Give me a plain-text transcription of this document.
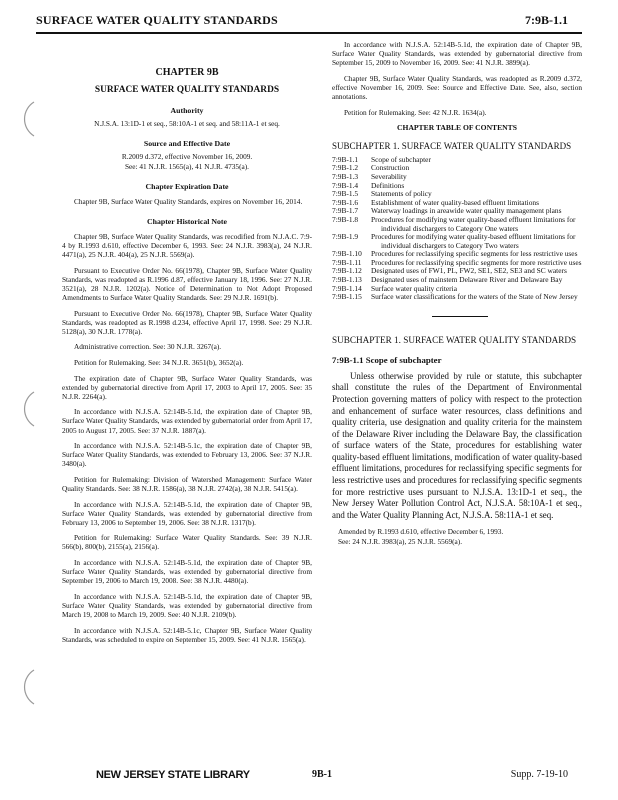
SURFACE WATER QUALITY STANDARDS	7:9B-1.1
CHAPTER 9B
SURFACE WATER QUALITY STANDARDS
Authority
N.J.S.A. 13:1D-1 et seq., 58:10A-1 et seq. and 58:11A-1 et seq.
Source and Effective Date
R.2009 d.372, effective November 16, 2009.
See: 41 N.J.R. 1565(a), 41 N.J.R. 4735(a).
Chapter Expiration Date

Chapter 9B, Surface Water Quality Standards, expires on November 16, 2014.

Chapter Historical Note

Chapter 9B, Surface Water Quality Standards, was recodified from N.J.A.C. 7:9-4 by R.1993 d.610, effective December 6, 1993. See: 24 N.J.R. 3983(a), 24 N.J.R. 4471(a), 25 N.J.R. 404(a), 25 N.J.R. 5569(a).

Pursuant to Executive Order No. 66(1978), Chapter 9B, Surface Water Quality Standards, was readopted as R.1996 d.87, effective January 18, 1996. See: 27 N.J.R. 3521(a), 28 N.J.R. 1202(a). Notice of Determination to Not Adopt Proposed Amendments to Surface Water Quality Standards. See: 29 N.J.R. 1691(b).

Pursuant to Executive Order No. 66(1978), Chapter 9B, Surface Water Quality Standards, was readopted as R.1998 d.234, effective April 17, 1998. See: 29 N.J.R. 5128(a), 30 N.J.R. 1778(a).

Administrative correction. See: 30 N.J.R. 3267(a).

Petition for Rulemaking. See: 34 N.J.R. 3651(b), 3652(a).

The expiration date of Chapter 9B, Surface Water Quality Standards, was extended by gubernatorial directive from April 17, 2003 to April 17, 2005. See: 35 N.J.R. 2264(a).

In accordance with N.J.S.A. 52:14B-5.1d, the expiration date of Chapter 9B, Surface Water Quality Standards, was extended by gubernatorial order from April 17, 2005 to August 17, 2005. See: 37 N.J.R. 1887(a).

In accordance with N.J.S.A. 52:14B-5.1c, the expiration date of Chapter 9B, Surface Water Quality Standards, was extended to February 13, 2006. See: 37 N.J.R. 3480(a).

Petition for Rulemaking: Division of Watershed Management: Surface Water Quality Standards. See: 38 N.J.R. 1586(a), 38 N.J.R. 2742(a), 38 N.J.R. 5415(a).

In accordance with N.J.S.A. 52:14B-5.1d, the expiration date of Chapter 9B, Surface Water Quality Standards, was extended by gubernatorial directive from February 13, 2006 to September 19, 2006. See: 38 N.J.R. 1317(b).

Petition for Rulemaking: Surface Water Quality Standards. See: 39 N.J.R. 566(b), 800(b), 2155(a), 2156(a).

In accordance with N.J.S.A. 52:14B-5.1d, the expiration date of Chapter 9B, Surface Water Quality Standards, was extended by gubernatorial directive from September 19, 2006 to March 19, 2008. See: 38 N.J.R. 4480(a).

In accordance with N.J.S.A. 52:14B-5.1d, the expiration date of Chapter 9B, Surface Water Quality Standards, was extended by gubernatorial directive from March 19, 2008 to March 19, 2009. See: 40 N.J.R. 2109(b).

In accordance with N.J.S.A. 52:14B-5.1c, Chapter 9B, Surface Water Quality Standards, was scheduled to expire on September 15, 2009. See: 41 N.J.R. 1565(a).

In accordance with N.J.S.A. 52:14B-5.1d, the expiration date of Chapter 9B, Surface Water Quality Standards, was extended by gubernatorial directive from September 15, 2009 to November 16, 2009. See: 41 N.J.R. 3899(a).

Chapter 9B, Surface Water Quality Standards, was readopted as R.2009 d.372, effective November 16, 2009. See: Source and Effective Date. See, also, section annotations.

Petition for Rulemaking. See: 42 N.J.R. 1634(a).

CHAPTER TABLE OF CONTENTS
SUBCHAPTER 1. SURFACE WATER QUALITY STANDARDS
7:9B-1.1	Scope of subchapter
7:9B-1.2	Construction
7:9B-1.3	Severability
7:9B-1.4	Definitions
7:9B-1.5	Statements of policy
7:9B-1.6	Establishment of water quality-based effluent limitations
7:9B-1.7	Waterway loadings in areawide water quality management plans
7:9B-1.8	Procedures for modifying water quality-based effluent limitations for individual dischargers to Category One waters
7:9B-1.9	Procedures for modifying water quality-based effluent limitations for individual dischargers to Category Two waters
7:9B-1.10	Procedures for reclassifying specific segments for less restrictive uses
7:9B-1.11	Procedures for reclassifying specific segments for more restrictive uses
7:9B-1.12	Designated uses of FW1, PL, FW2, SE1, SE2, SE3 and SC waters
7:9B-1.13	Designated uses of mainstem Delaware River and Delaware Bay
7:9B-1.14	Surface water quality criteria
7:9B-1.15	Surface water classifications for the waters of the State of New Jersey
SUBCHAPTER 1. SURFACE WATER QUALITY STANDARDS
7:9B-1.1 Scope of subchapter

Unless otherwise provided by rule or statute, this subchapter shall constitute the rules of the Department of Environmental Protection governing matters of policy with respect to the protection and enhancement of surface water resources, class definitions and quality criteria, use designation and quality criteria for the mainstem of the Delaware River including the Delaware Bay, the classification of surface waters of the State, procedures for establishing water quality-based effluent limitations, modification of water quality-based effluent limitations, procedures for reclassifying specific segments for less restrictive uses and procedures for reclassifying specific segments for more restrictive uses pursuant to N.J.S.A. 13:1D-1 et seq., the New Jersey Water Pollution Control Act, N.J.S.A. 58:10A-1 et seq., and the Water Quality Planning Act, N.J.S.A. 58:11A-1 et seq.

Amended by R.1993 d.610, effective December 6, 1993.
See: 24 N.J.R. 3983(a), 25 N.J.R. 5569(a).
NEW JERSEY STATE LIBRARY	9B-1	Supp. 7-19-10
